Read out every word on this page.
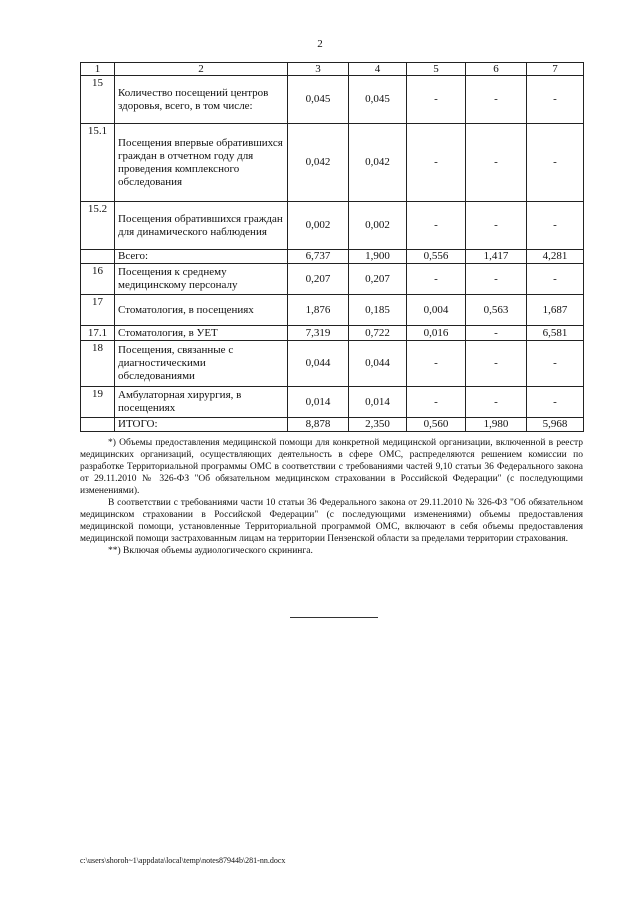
2
1	2	3	4	5	6	7
15	Количество посещений центров здоровья, всего, в том числе:	0,045	0,045	-	-	-
15.1	Посещения впервые обратившихся граждан в отчетном году для проведения комплексного обследования	0,042	0,042	-	-	-
15.2	Посещения обратившихся граждан для динамического наблюдения	0,002	0,002	-	-	-
	Всего:	6,737	1,900	0,556	1,417	4,281
16	Посещения к среднему медицинскому персоналу	0,207	0,207	-	-	-
17	Стоматология, в посещениях	1,876	0,185	0,004	0,563	1,687
17.1	Стоматология, в УЕТ	7,319	0,722	0,016	-	6,581
18	Посещения, связанные с диагностическими обследованиями	0,044	0,044	-	-	-
19	Амбулаторная хирургия, в посещениях	0,014	0,014	-	-	-
	ИТОГО:	8,878	2,350	0,560	1,980	5,968

*) Объемы предоставления медицинской помощи для конкретной медицинской организации, включенной в реестр медицинских организаций, осуществляющих деятельность в сфере ОМС, распределяются решением комиссии по разработке Территориальной программы ОМС в соответствии с требованиями частей 9,10 статьи 36 Федерального закона от 29.11.2010 № 326-ФЗ "Об обязательном медицинском страховании в Российской Федерации" (с последующими изменениями).

В соответствии с требованиями части 10 статьи 36 Федерального закона от 29.11.2010 № 326-ФЗ "Об обязательном медицинском страховании в Российской Федерации" (с последующими изменениями) объемы предоставления медицинской помощи, установленные Территориальной программой ОМС, включают в себя объемы предоставления медицинской помощи застрахованным лицам на территории Пензенской области за пределами территории страхования.

**) Включая объемы аудиологического скрининга.

c:\users\shoroh~1\appdata\local\temp\notes87944b\281-nn.docx
